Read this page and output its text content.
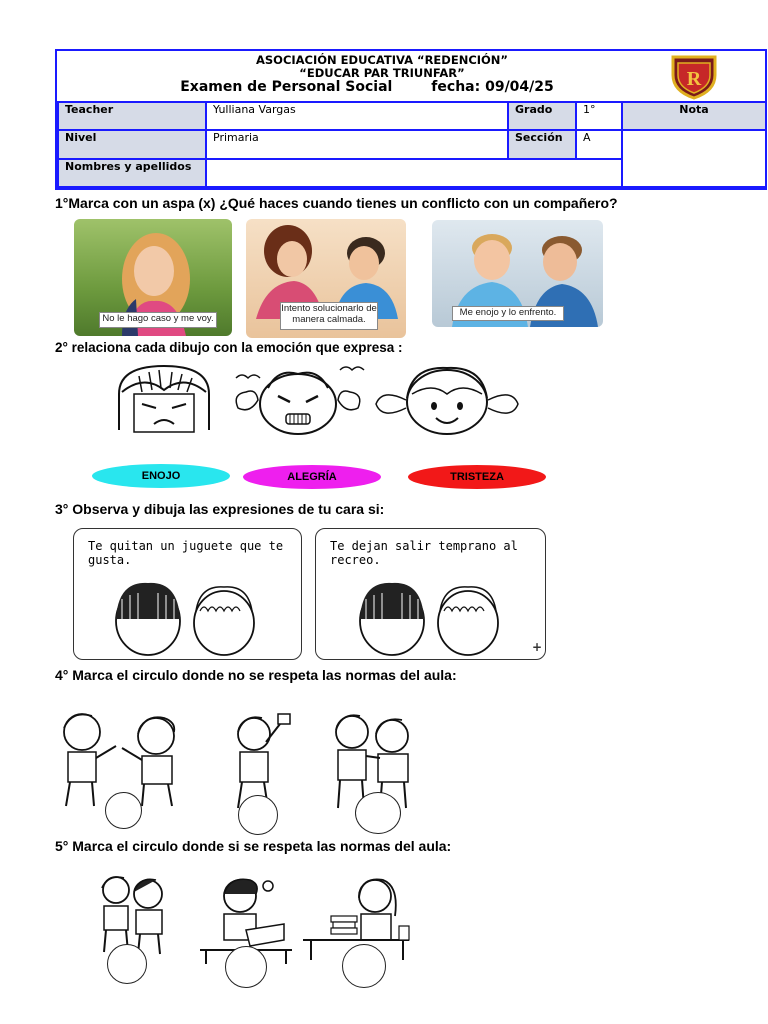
ASOCIACIÓN EDUCATIVA “REDENCIÓN”
“EDUCAR PAR TRIUNFAR”
Examen de Personal Social        fecha: 09/04/25	R
Teacher	Yulliana Vargas	Grado	1°	Nota
Nivel	Primaria	Sección	A
Nombres y apellidos
1°Marca con un aspa (x) ¿Qué haces cuando tienes un conflicto con un compañero?
No le hago caso y me voy.
Intento solucionarlo de manera calmada.
Me enojo y lo enfrento.
2° relaciona cada dibujo con la emoción que expresa :
ENOJO	ALEGRÍA	TRISTEZA
3° Observa y dibuja las expresiones de tu cara si:
Te quitan un juguete que te gusta.
Te dejan salir temprano al recreo.
+
4° Marca el circulo donde no se respeta las normas del aula:
5° Marca el circulo donde si se respeta las normas del aula:
